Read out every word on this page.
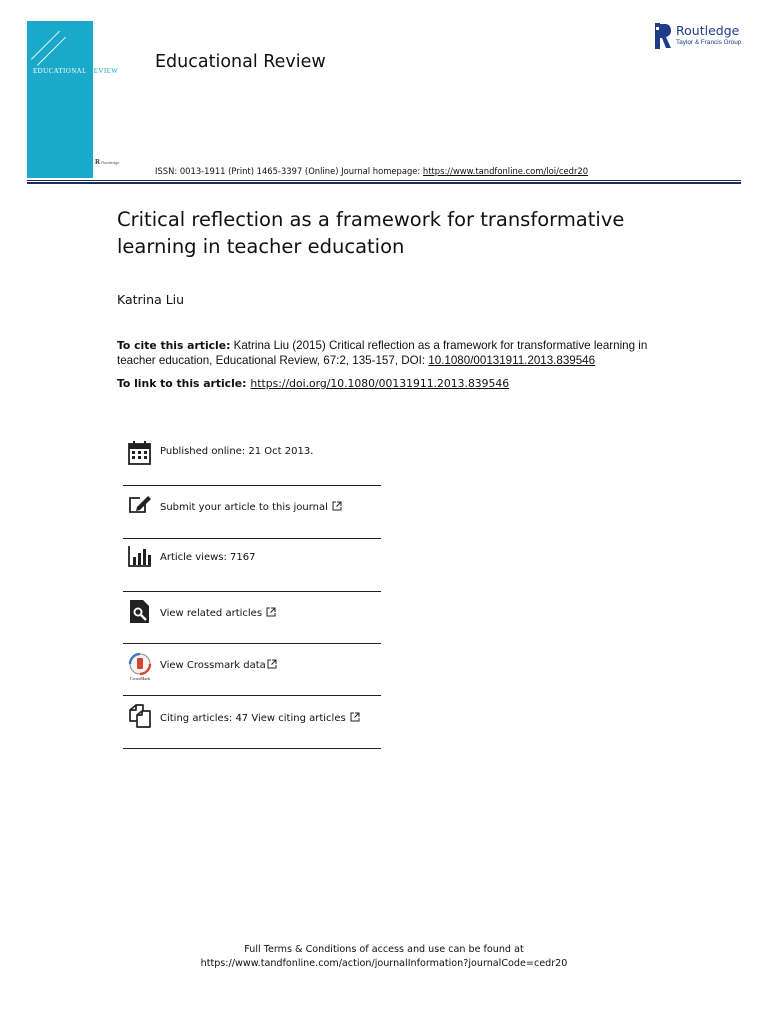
EDUCATIONAL REVIEW
R Routledge
Educational Review
Routledge
Taylor & Francis Group
ISSN: 0013-1911 (Print) 1465-3397 (Online) Journal homepage: https://www.tandfonline.com/loi/cedr20
Critical reflection as a framework for transformative learning in teacher education
Katrina Liu
To cite this article: Katrina Liu (2015) Critical reflection as a framework for transformative learning in teacher education, Educational Review, 67:2, 135-157, DOI: 10.1080/00131911.2013.839546
To link to this article: https://doi.org/10.1080/00131911.2013.839546
Published online: 21 Oct 2013.
Submit your article to this journal
Article views: 7167
View related articles
CrossMark
View Crossmark data
Citing articles: 47 View citing articles
Full Terms & Conditions of access and use can be found at
https://www.tandfonline.com/action/journalInformation?journalCode=cedr20
